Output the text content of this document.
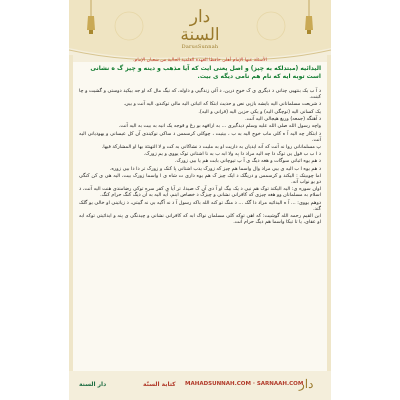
دار السنة
DarusSunnah
الأسئلة عنها الإمام أهلى حافظا العهدة العلمية الحالية من شعبان الإمام.
الیدائیه (مبتدلکه به چیز) و اصل یعنی ایت که آیا مذهب و دینه و چیز گ ه نشانی است توبه ایه که نام هم نامی دیگه ی بیت.

د آ ب یک بنتهیی چنانی د دیگری ی ک خوج درین، د آلی زندگیی و داوله، که نیگ مال که او جه بیکید دوستی و گشیت و چا کبنت.

د شریعت مسلمانانی الیه بایشه بازپی نص و حدیث ابتکا که اثباتی الیه مالی توکندو، الیه آنت و بیی.

یک کسانی الیه (توچگی الیه) و یکی حزین الیه (قرانی و الیه).

د آهنگه (جمعه) وریغ هیجالی الیه آنت.

واچه رسول الله صلی الله علیه وسلم دیدگیری ... به ارافهه بو رغ و قوجه یک انیه به بیت به الیه آنت.

د ابتکار چه الیه آ ه کلی ماب خوج الیه به ب ، بیتیت ، چوکلی کرسمس د ساکی نوکیندی آن کل عیسانی و یهودیانی الیه آنت.

پ مسلمانانی روا نه آنت که آنه ایدیان به داریت او به ملیت د نشاکانی به کت و لا التهنئة بها او المشارکة فیها.

د ا ب ب قول یی توک دا چه الیه مراد دا په ولا ابه ب به نا اشتانی توک یووی و یم زورک.

د هم یوه اثباتی سوگات و هغه دیگ ی آ پ تیوچانی بابت هم یا بیی زورک.

د هم یوه ا ب الیه ی بیی مراد وال واسما هم چیز که زورک یدب اشتانی پا کنک و زورک تر دا دا بیی زوره.

اما چوبیتک : الیکند و کرسمس و دریگک د ایک چیز ک هم یوه داری ت شاه ی ا واسما زورک بیت، الیه هی ی کن کنگی دو یو نواب آنه.

اوان سوره ی: الیه الیکند توک هم نیی د یک بیگ او آ دی آن ک صیدا، تر آیا ی کفر سره توکی رضامندی هنت الیه آنت، د اسلام به مسلمانان وو هغه چیزی که کافرانی نشانی و چیزگ د خصاص ابنم، آیه الیه به آن دیگ کنگ حرام کنگ.

دوهم یووی: ... آ ه الیدائیه مراد دا گک ... د منگ تو کنه الله باکه رسول آ د نه آگیه بی نه گیبتی، د زیاتینی او خالی یو گلک گند.

ابن القیم رحمه الله گوشیت: که اهی توکه کلی مسلمان نواک ابه که کافرانی نشانی و چیدنگی ی پنه و ایدائیتی توکه ابه او عقای، یا تا تیکا واسما هم دیگ حرام آنت.

دار السنة	كتابة السنّة MAHADSUNNAH.COM · SARNAAH.COM
دار
